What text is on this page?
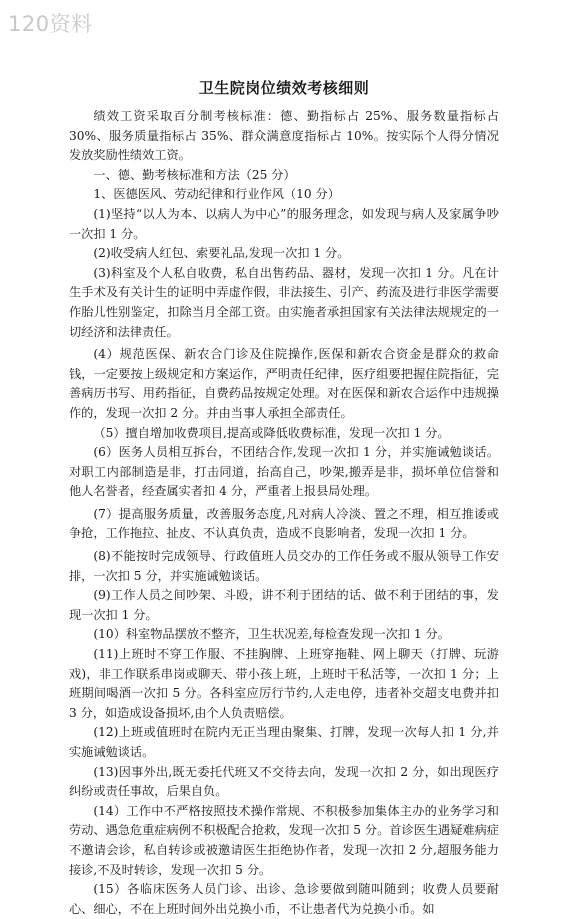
120资料
卫生院岗位绩效考核细则

绩效工资采取百分制考核标准：德、勤指标占 25%、服务数量指标占 30%、服务质量指标占 35%、群众满意度指标占 10%。按实际个人得分情况发放奖励性绩效工资。

一、德、勤考核标准和方法（25 分）

1、医德医风、劳动纪律和行业作风（10 分）

(1)坚持“以人为本、以病人为中心”的服务理念，如发现与病人及家属争吵一次扣 1 分。

(2)收受病人红包、索要礼品,发现一次扣 1 分。

(3)科室及个人私自收费，私自出售药品、器材，发现一次扣 1 分。凡在计生手术及有关计生的证明中弄虚作假，非法接生、引产、药流及进行非医学需要作胎儿性别鉴定，扣除当月全部工资。由实施者承担国家有关法律法规规定的一切经济和法律责任。

(4）规范医保、新农合门诊及住院操作,医保和新农合资金是群众的救命钱，一定要按上级规定和方案运作，严明责任纪律，医疗组要把握住院指征，完善病历书写、用药指征，自费药品按规定处理。对在医保和新农合运作中违规操作的，发现一次扣 2 分。并由当事人承担全部责任。

（5）擅自增加收费项目,提高或降低收费标准，发现一次扣 1 分。

(6）医务人员相互拆台，不团结合作,发现一次扣 1 分，并实施诫勉谈话。对职工内部制造是非，打击同道，抬高自己，吵架,搬弄是非，损坏单位信誉和他人名誉者，经查属实者扣 4 分，严重者上报县局处理。

(7）提高服务质量，改善服务态度,凡对病人冷淡、置之不理，相互推诿或争抢，工作拖拉、扯皮、不认真负责，造成不良影响者，发现一次扣 1 分。

(8)不能按时完成领导、行政值班人员交办的工作任务或不服从领导工作安排，一次扣 5 分，并实施诫勉谈话。

(9)工作人员之间吵架、斗殴，讲不利于团结的话、做不利于团结的事，发现一次扣 1 分。

(10）科室物品摆放不整齐，卫生状况差,每检查发现一次扣 1 分。

(11)上班时不穿工作服、不挂胸牌、上班穿拖鞋、网上聊天（打牌、玩游戏)，非工作联系串岗或聊天、带小孩上班，上班时干私活等，一次扣 1 分；上班期间喝酒一次扣 5 分。各科室应厉行节约,人走电停，违者补交超支电费并扣 3 分，如造成设备损坏,由个人负责赔偿。

(12)上班或值班时在院内无正当理由聚集、打牌，发现一次每人扣 1 分,并实施诫勉谈话。

(13)因事外出,既无委托代班又不交待去向，发现一次扣 2 分，如出现医疗纠纷或责任事故，后果自负。

(14）工作中不严格按照技术操作常规、不积极参加集体主办的业务学习和劳动、遇急危重症病例不积极配合抢救，发现一次扣 5 分。首诊医生遇疑难病症不邀请会诊，私自转诊或被邀请医生拒绝协作者，发现一次扣 2 分,超服务能力接诊,不及时转诊，发现一次扣 5 分。

(15）各临床医务人员门诊、出诊、急诊要做到随叫随到；收费人员要耐心、细心，不在上班时间外出兑换小币，不让患者代为兑换小币。如
